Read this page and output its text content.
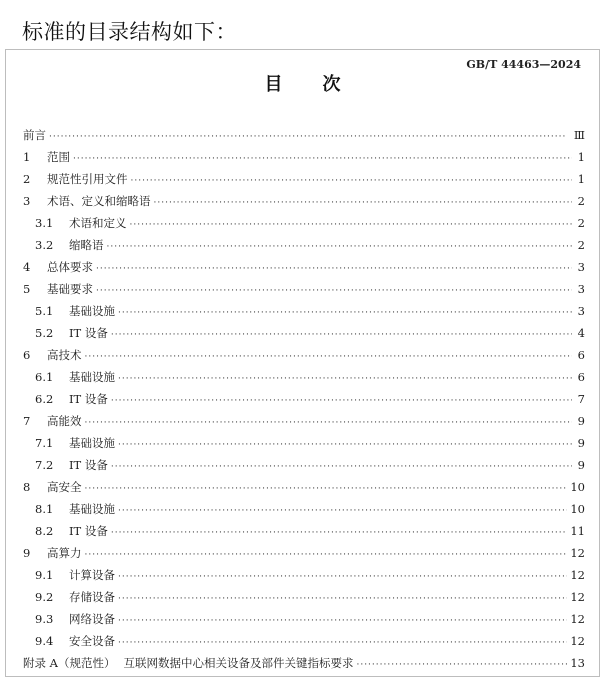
标准的目录结构如下：
GB/T 44463—2024
目次
前言 ·····	Ⅲ
1	范围 ·····	1
2	规范性引用文件 ·····	1
3	术语、定义和缩略语 ·····	2
3.1	术语和定义 ·····	2
3.2	缩略语 ·····	2
4	总体要求 ·····	3
5	基础要求 ·····	3
5.1	基础设施 ·····	3
5.2	IT 设备 ·····	4
6	高技术 ·····	6
6.1	基础设施 ·····	6
6.2	IT 设备 ·····	7
7	高能效 ·····	9
7.1	基础设施 ·····	9
7.2	IT 设备 ·····	9
8	高安全 ·····	10
8.1	基础设施 ·····	10
8.2	IT 设备 ·····	11
9	高算力 ·····	12
9.1	计算设备 ·····	12
9.2	存储设备 ·····	12
9.3	网络设备 ·····	12
9.4	安全设备 ·····	12
附录 A（规范性） 互联网数据中心相关设备及部件关键指标要求 ·····	13
